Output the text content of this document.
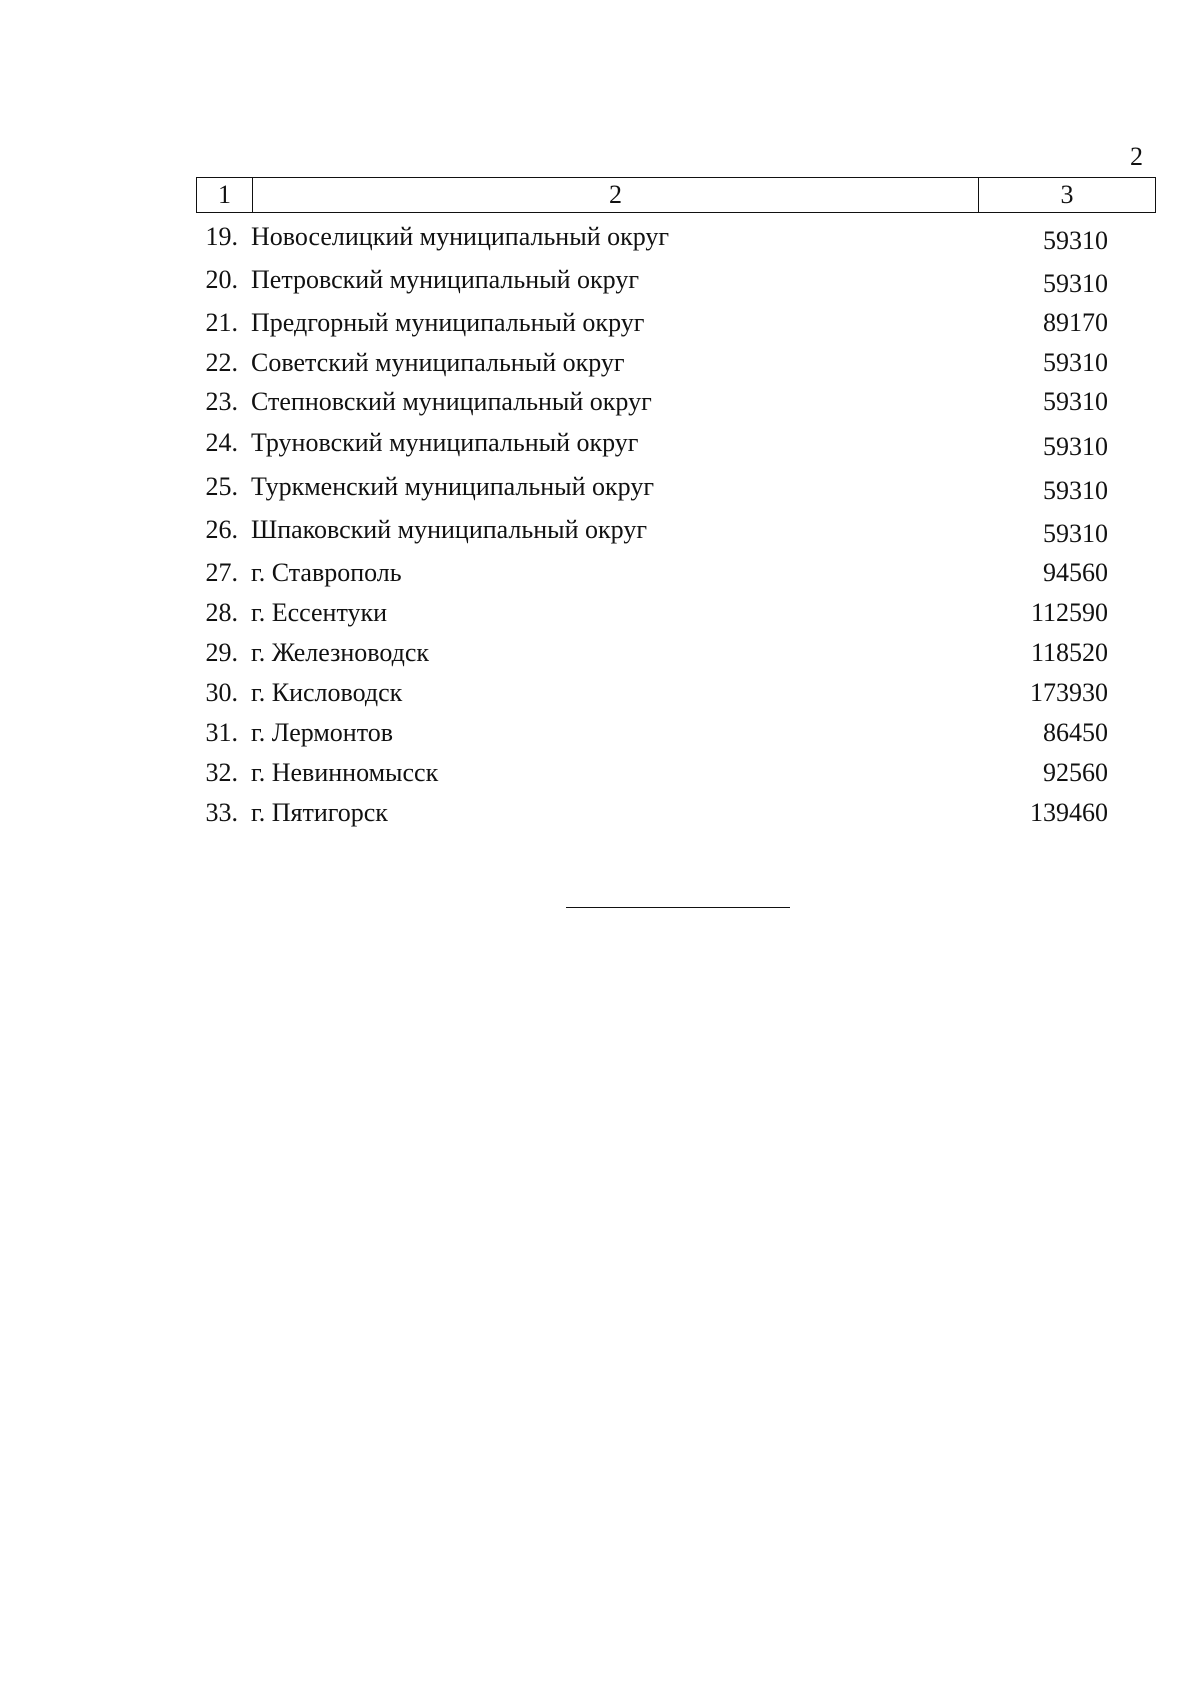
2
1	2	3
19. Новоселицкий муниципальный округ	59310
20. Петровский муниципальный округ	59310
21. Предгорный муниципальный округ	89170
22. Советский муниципальный округ	59310
23. Степновский муниципальный округ	59310
24. Труновский муниципальный округ	59310
25. Туркменский муниципальный округ	59310
26. Шпаковский муниципальный округ	59310
27. г. Ставрополь	94560
28. г. Ессентуки	112590
29. г. Железноводск	118520
30. г. Кисловодск	173930
31. г. Лермонтов	86450
32. г. Невинномысск	92560
33. г. Пятигорск	139460
